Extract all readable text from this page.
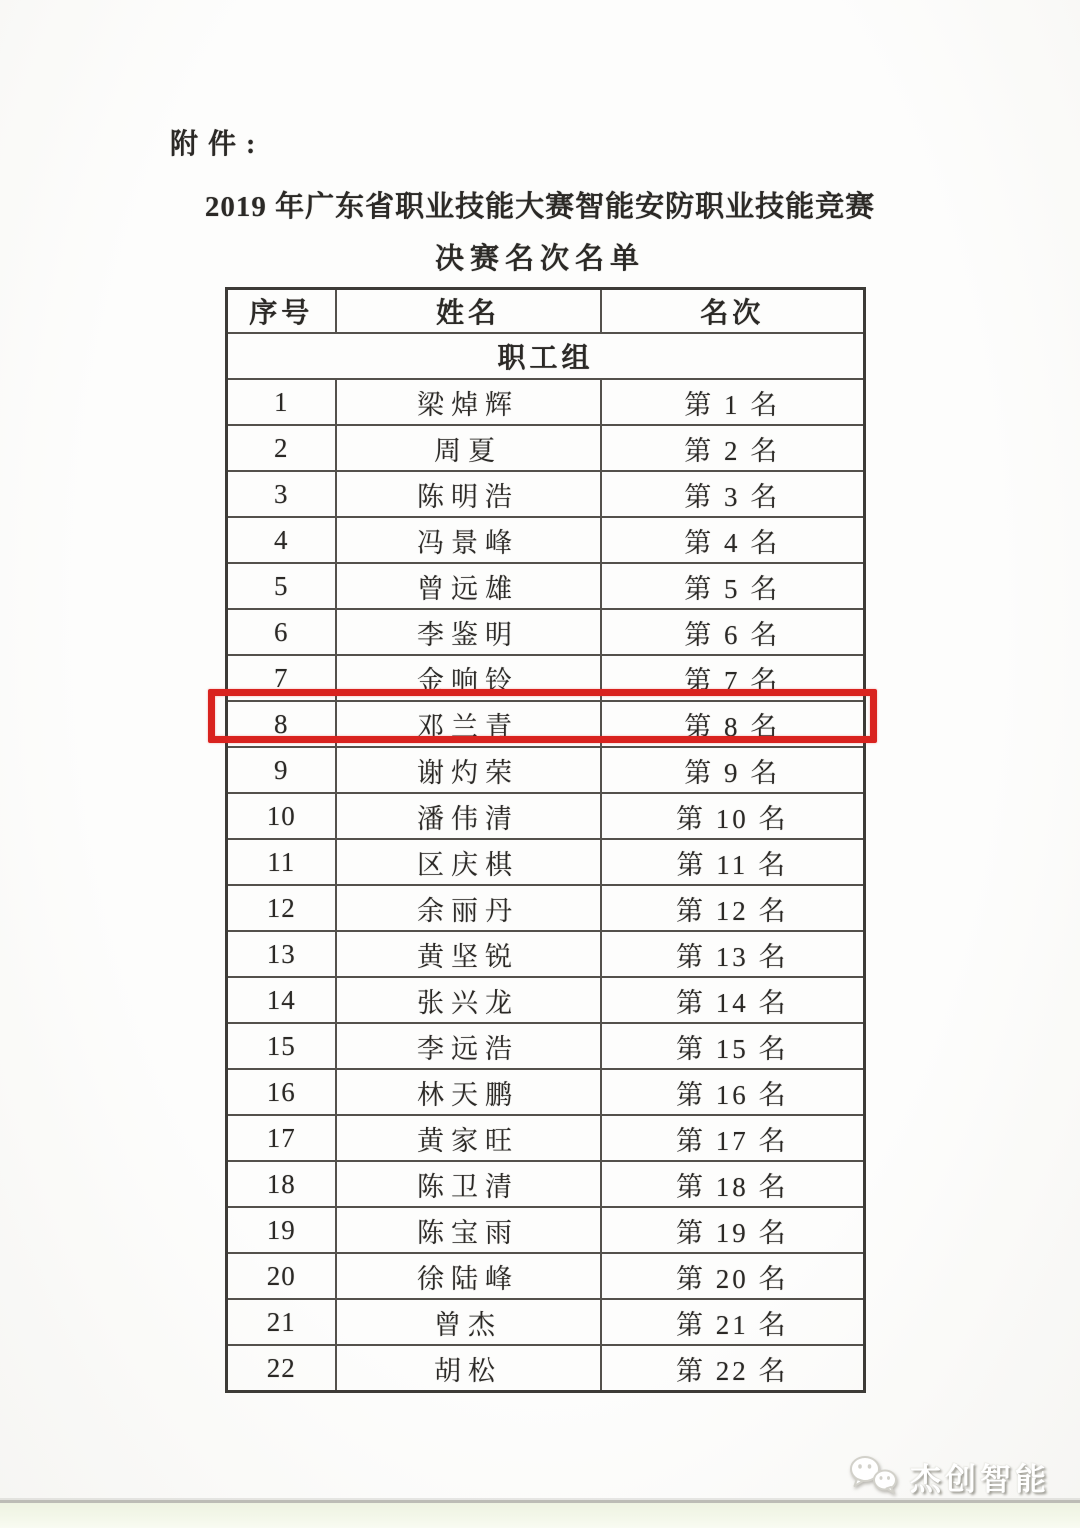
附件:
2019 年广东省职业技能大赛智能安防职业技能竞赛
决赛名次名单
序号	姓名	名次
职工组		
1	梁焯辉	第 1 名
2	周夏	第 2 名
3	陈明浩	第 3 名
4	冯景峰	第 4 名
5	曾远雄	第 5 名
6	李鉴明	第 6 名
7	金响铃	第 7 名
8	邓兰青	第 8 名
9	谢灼荣	第 9 名
10	潘伟清	第 10 名
11	区庆棋	第 11 名
12	余丽丹	第 12 名
13	黄坚锐	第 13 名
14	张兴龙	第 14 名
15	李远浩	第 15 名
16	林天鹏	第 16 名
17	黄家旺	第 17 名
18	陈卫清	第 18 名
19	陈宝雨	第 19 名
20	徐陆峰	第 20 名
21	曾杰	第 21 名
22	胡松	第 22 名
杰创智能
